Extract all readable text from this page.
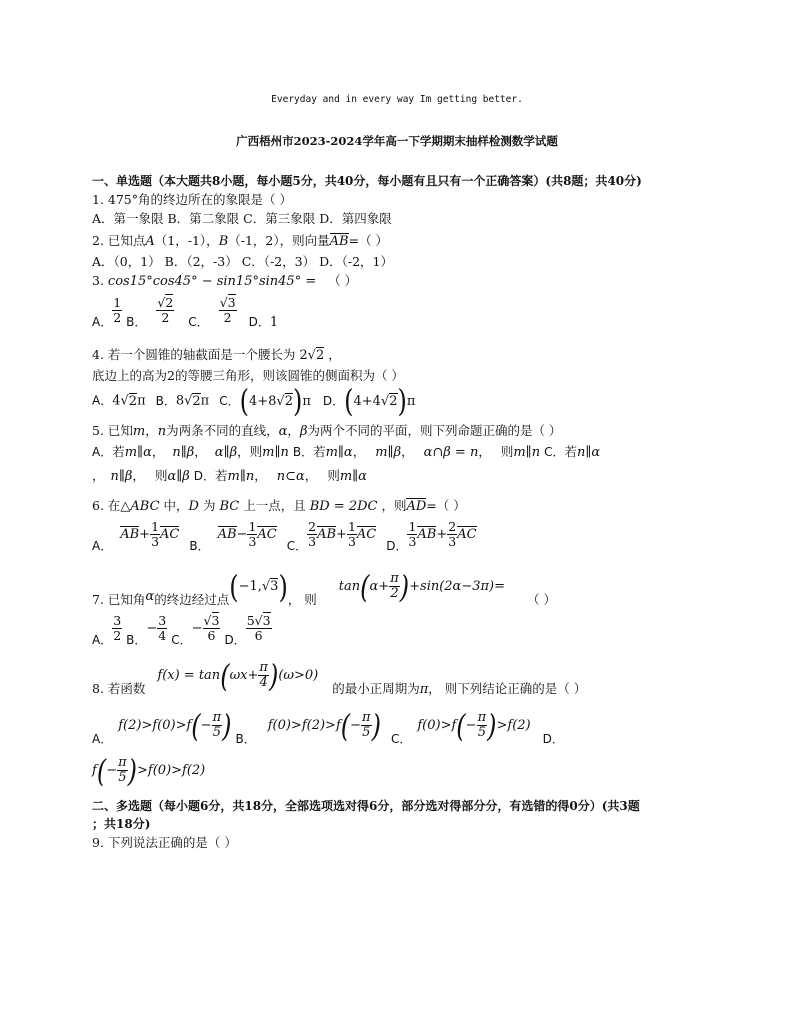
Everyday and in every way Im getting better.
广西梧州市2023-2024学年高一下学期期末抽样检测数学试题
一、单选题（本大题共8小题，每小题5分，共40分，每小题有且只有一个正确答案）(共8题；共40分)
1. 475°角的终边所在的象限是（ ）
A．第一象限 B．第二象限 C．第三象限 D．第四象限
2. 已知点A（1，-1），B（-1，2），则向量AB=（ ）
A．（0，1） B．（2，-3） C．（-2，3） D．（-2，1）
3. cos15°cos45° − sin15°sin45° = （ ）
A． $\frac{1}{2}$ B． $\frac{√2}{2}$ C． $\frac{√3}{2}$ D．1
4. 若一个圆锥的轴截面是一个腰长为 2√2 ，
底边上的高为2的等腰三角形，则该圆锥的侧面积为（ ）
A．4√2π B．8√2π C．(4+8√2)π D．(4+4√2)π
5. 已知m，n为两条不同的直线，α，β为两个不同的平面，则下列命题正确的是（ ）
A．若m∥α， n∥β， α∥β，则m∥n B．若m∥α， m∥β， α∩β = n， 则m∥n C．若n∥α
， n∥β， 则α∥β D．若m∥n， n⊂α， 则m∥α
6. 在△ABC 中，D 为 BC 上一点，且 BD = 2DC ，则AD=（ ）
A．$AB+ \frac{1}{3}$ AC B．$AB- \frac{1}{3}$ AC C． $\frac{2}{3} AB+ \frac{1}{3}$ AC D． $\frac{1}{3} AB+ \frac{2}{3}$ AC
7. 已知角α的终边经过点(−1,√3)， 则 $\tan(\alpha+ \frac{\pi}{2} )+\sin(2\alpha-3\pi)=$ （ ）
A． $\frac{3}{2}$ B．− $\frac{3}{4}$ C．− $\frac{√3}{6}$ D． $\frac{5√3}{6}$
8. 若函数 $f(x) = \tan(\omega x+ \frac{\pi}{4} )(\omega>0)$ 的最小正周期为π， 则下列结论正确的是（ ）
A．$f(2)>f(0)>f(- \frac{\pi}{5}$ ) B．$f(0)>f(2)>f(- \frac{\pi}{5}$ ) C．$f(0)>f(- \frac{\pi}{5} )>f(2)$ D．
$f(- \frac{\pi}{5} )>f(0)>f(2)$
二、多选题（每小题6分，共18分，全部选项选对得6分，部分选对得部分分，有选错的得0分）(共3题
；共18分)
9. 下列说法正确的是（ ）
